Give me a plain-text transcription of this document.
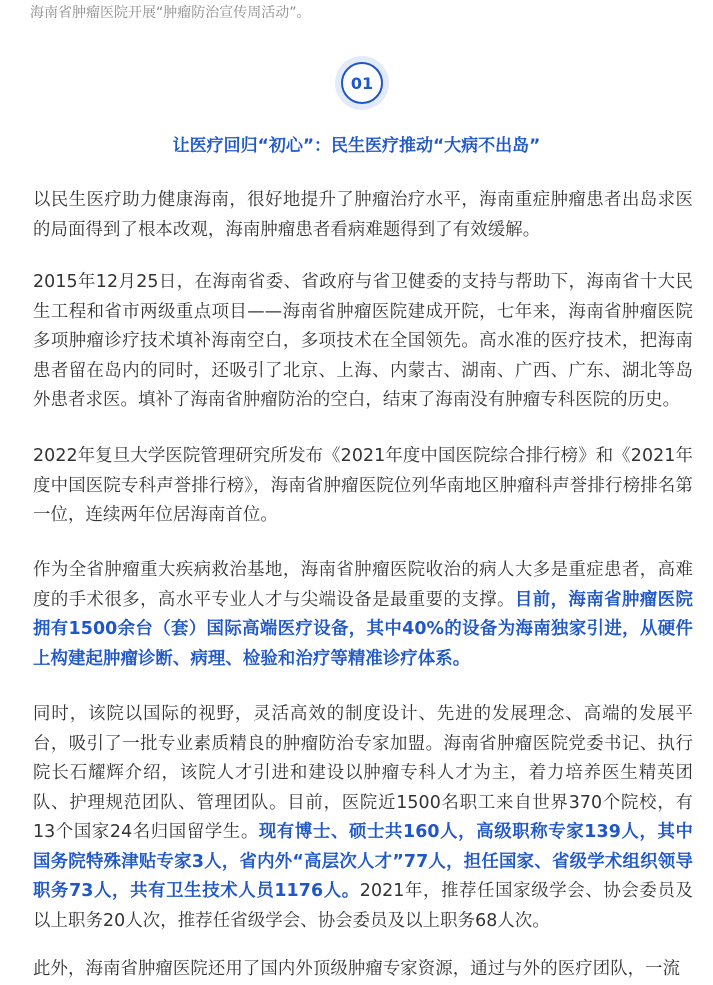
海南省肿瘤医院开展“肿瘤防治宣传周活动”。
01
让医疗回归“初心”：民生医疗推动“大病不出岛”
以民生医疗助力健康海南，很好地提升了肿瘤治疗水平，海南重症肿瘤患者出岛求医的局面得到了根本改观，海南肿瘤患者看病难题得到了有效缓解。
2015年12月25日，在海南省委、省政府与省卫健委的支持与帮助下，海南省十大民生工程和省市两级重点项目——海南省肿瘤医院建成开院，七年来，海南省肿瘤医院多项肿瘤诊疗技术填补海南空白，多项技术在全国领先。高水准的医疗技术，把海南患者留在岛内的同时，还吸引了北京、上海、内蒙古、湖南、广西、广东、湖北等岛外患者求医。填补了海南省肿瘤防治的空白，结束了海南没有肿瘤专科医院的历史。
2022年复旦大学医院管理研究所发布《2021年度中国医院综合排行榜》和《2021年度中国医院专科声誉排行榜》，海南省肿瘤医院位列华南地区肿瘤科声誉排行榜排名第一位，连续两年位居海南首位。
作为全省肿瘤重大疾病救治基地，海南省肿瘤医院收治的病人大多是重症患者，高难度的手术很多，高水平专业人才与尖端设备是最重要的支撑。目前，海南省肿瘤医院拥有1500余台（套）国际高端医疗设备，其中40%的设备为海南独家引进，从硬件上构建起肿瘤诊断、病理、检验和治疗等精准诊疗体系。
同时，该院以国际的视野，灵活高效的制度设计、先进的发展理念、高端的发展平台，吸引了一批专业素质精良的肿瘤防治专家加盟。海南省肿瘤医院党委书记、执行院长石耀辉介绍，该院人才引进和建设以肿瘤专科人才为主，着力培养医生精英团队、护理规范团队、管理团队。目前，医院近1500名职工来自世界370个院校，有13个国家24名归国留学生。现有博士、硕士共160人，高级职称专家139人，其中国务院特殊津贴专家3人，省内外“高层次人才”77人，担任国家、省级学术组织领导职务73人，共有卫生技术人员1176人。2021年，推荐任国家级学会、协会委员及以上职务20人次，推荐任省级学会、协会委员及以上职务68人次。
此外，海南省肿瘤医院还用了国内外顶级肿瘤专家资源，通过与外的医疗团队，一流
